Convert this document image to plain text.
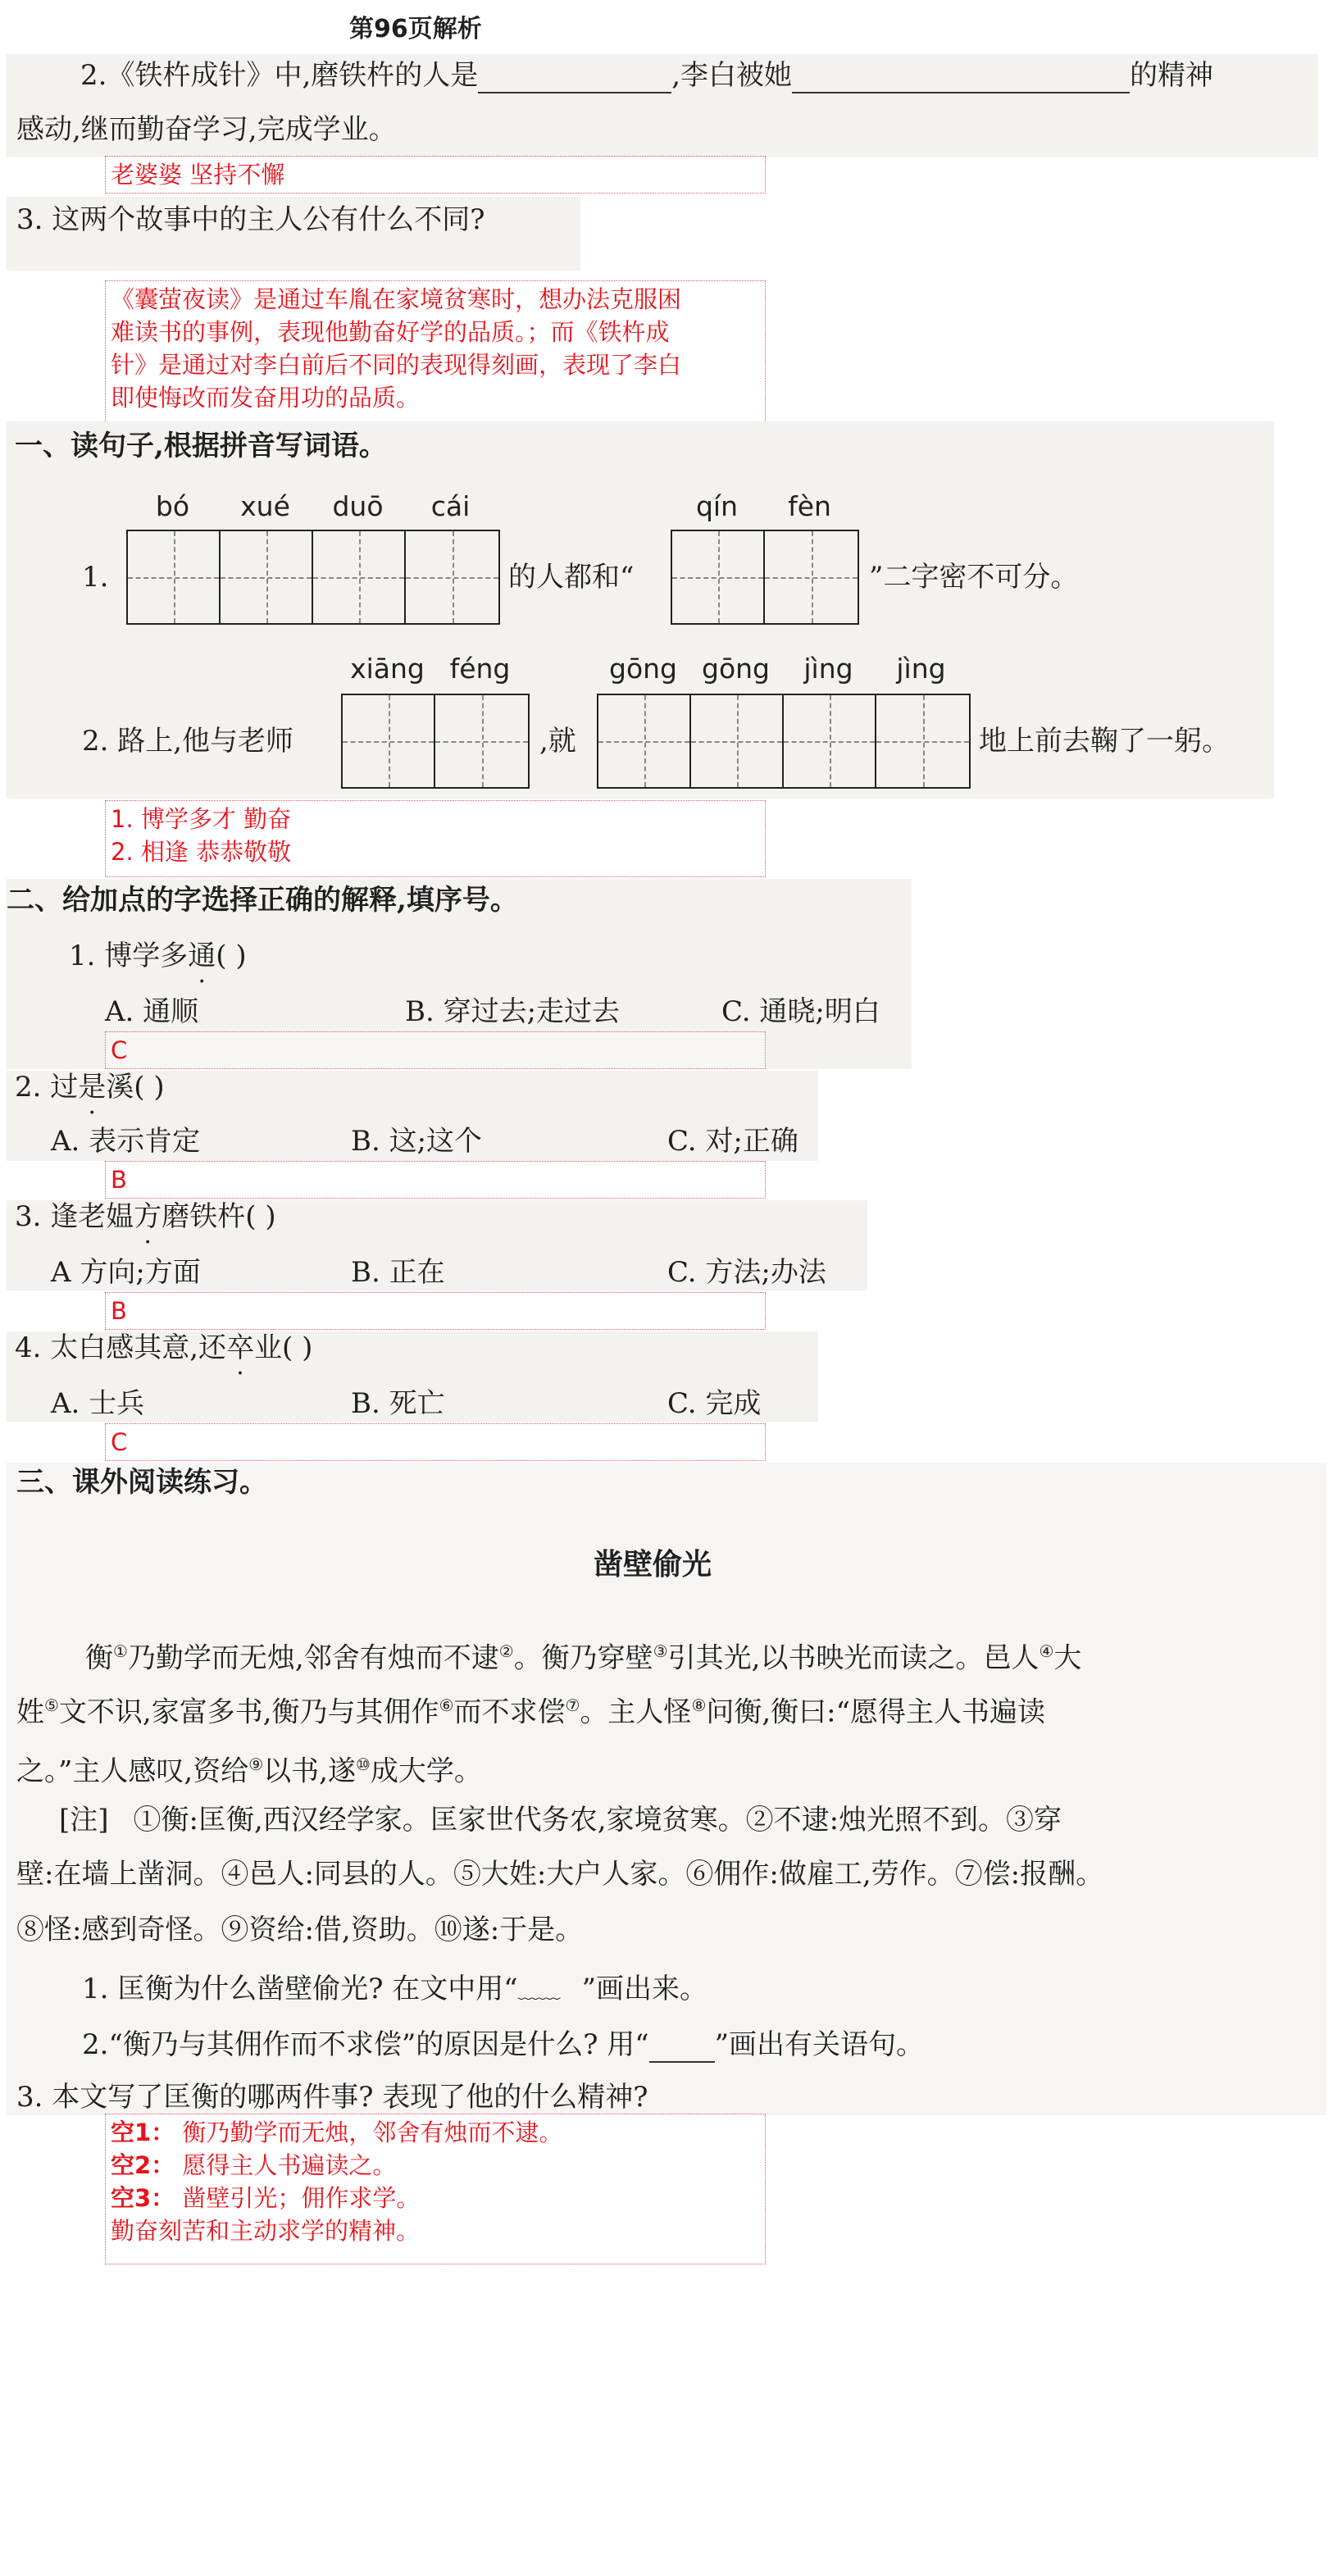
第96页解析
2.《铁杵成针》中,磨铁杵的人是	,李白被她	的精神
感动,继而勤奋学习,完成学业。
老婆婆 坚持不懈
3. 这两个故事中的主人公有什么不同?
《囊萤夜读》是通过车胤在家境贫寒时，想办法克服困
难读书的事例，表现他勤奋好学的品质。；而《铁杵成
针》是通过对李白前后不同的表现得刻画，表现了李白
即使悔改而发奋用功的品质。
一、读句子,根据拼音写词语。
bó	xué	duō	cái
1.	的人都和“
qín	fèn
”二字密不可分。
2. 路上,他与老师
xiāng féng
,就
gōng gōng	jìng	jìng
地上前去鞠了一躬。
1. 博学多才 勤奋
2. 相逢 恭恭敬敬
二、给加点的字选择正确的解释,填序号。
1. 博学多通( )
A. 通顺	B. 穿过去;走过去	C. 通晓;明白
C
2. 过是溪( )
A. 表示肯定	B. 这;这个	C. 对;正确
B
3. 逢老媪方磨铁杵( )
A 方向;方面	B. 正在	C. 方法;办法
B
4. 太白感其意,还卒业( )
A. 士兵	B. 死亡	C. 完成
C
三、课外阅读练习。
凿壁偷光
衡①乃勤学而无烛,邻舍有烛而不逮②。衡乃穿壁③引其光,以书映光而读之。邑人④大
姓⑤文不识,家富多书,衡乃与其佣作⑥而不求偿⑦。主人怪⑧问衡,衡曰:“愿得主人书遍读
之。”主人感叹,资给⑨以书,遂⑩成大学。
[注] ①衡:匡衡,西汉经学家。匡家世代务农,家境贫寒。②不逮:烛光照不到。③穿
壁:在墙上凿洞。④邑人:同县的人。⑤大姓:大户人家。⑥佣作:做雇工,劳作。⑦偿:报酬。
⑧怪:感到奇怪。⑨资给:借,资助。⑩遂:于是。
1. 匡衡为什么凿壁偷光? 在文中用“﹏﹏ ”画出来。
2.“衡乃与其佣作而不求偿”的原因是什么? 用“ ”画出有关语句。
3. 本文写了匡衡的哪两件事? 表现了他的什么精神?
空1： 衡乃勤学而无烛，邻舍有烛而不逮。
空2： 愿得主人书遍读之。
空3： 凿壁引光；佣作求学。
勤奋刻苦和主动求学的精神。
